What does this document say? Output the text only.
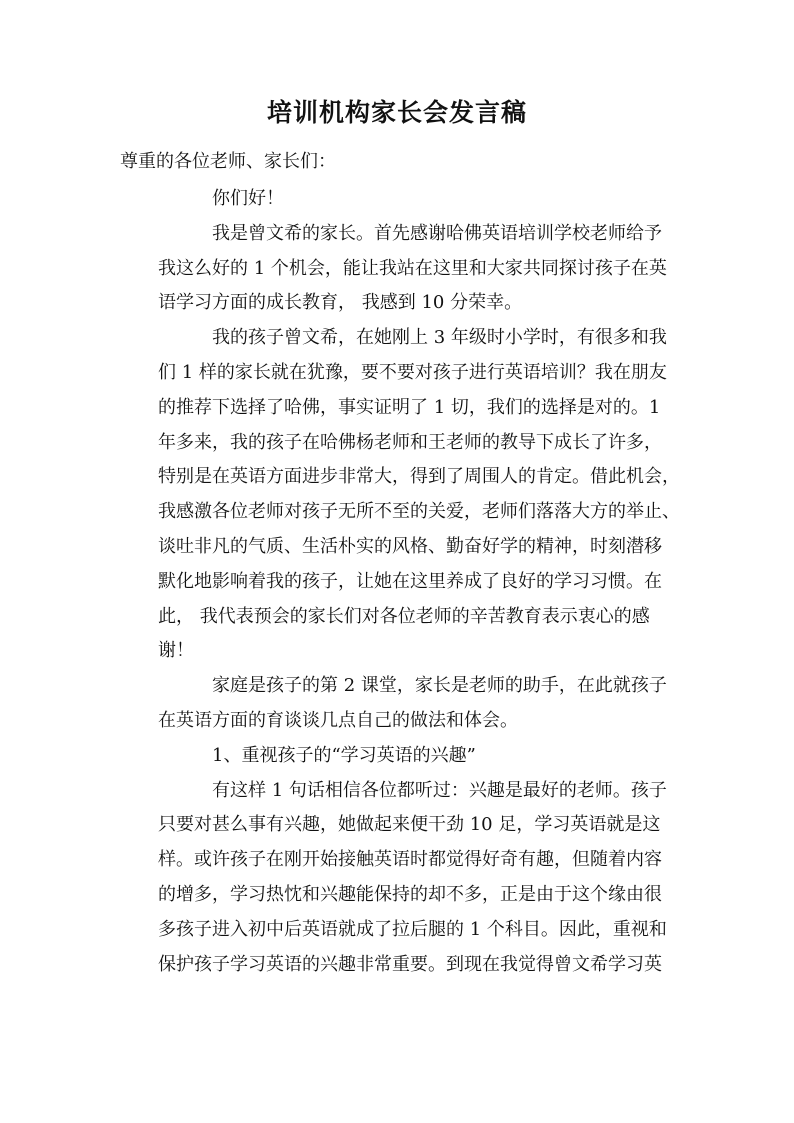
培训机构家长会发言稿

尊重的各位老师、家长们：

你们好！

我是曾文希的家长。首先感谢哈佛英语培训学校老师给予
我这么好的 1 个机会，能让我站在这里和大家共同探讨孩子在英
语学习方面的成长教育， 我感到 10 分荣幸。

我的孩子曾文希，在她刚上 3 年级时小学时，有很多和我
们 1 样的家长就在犹豫，要不要对孩子进行英语培训？我在朋友
的推荐下选择了哈佛，事实证明了 1 切，我们的选择是对的。1
年多来，我的孩子在哈佛杨老师和王老师的教导下成长了许多，
特别是在英语方面进步非常大，得到了周围人的肯定。借此机会，
我感激各位老师对孩子无所不至的关爱，老师们落落大方的举止、
谈吐非凡的气质、生活朴实的风格、勤奋好学的精神，时刻潜移
默化地影响着我的孩子，让她在这里养成了良好的学习习惯。在
此， 我代表预会的家长们对各位老师的辛苦教育表示衷心的感
谢！

家庭是孩子的第 2 课堂，家长是老师的助手，在此就孩子
在英语方面的育谈谈几点自己的做法和体会。

1、重视孩子的“学习英语的兴趣”

有这样 1 句话相信各位都听过：兴趣是最好的老师。孩子
只要对甚么事有兴趣，她做起来便干劲 10 足，学习英语就是这
样。或许孩子在刚开始接触英语时都觉得好奇有趣，但随着内容
的增多，学习热忱和兴趣能保持的却不多，正是由于这个缘由很
多孩子进入初中后英语就成了拉后腿的 1 个科目。因此，重视和
保护孩子学习英语的兴趣非常重要。到现在我觉得曾文希学习英
